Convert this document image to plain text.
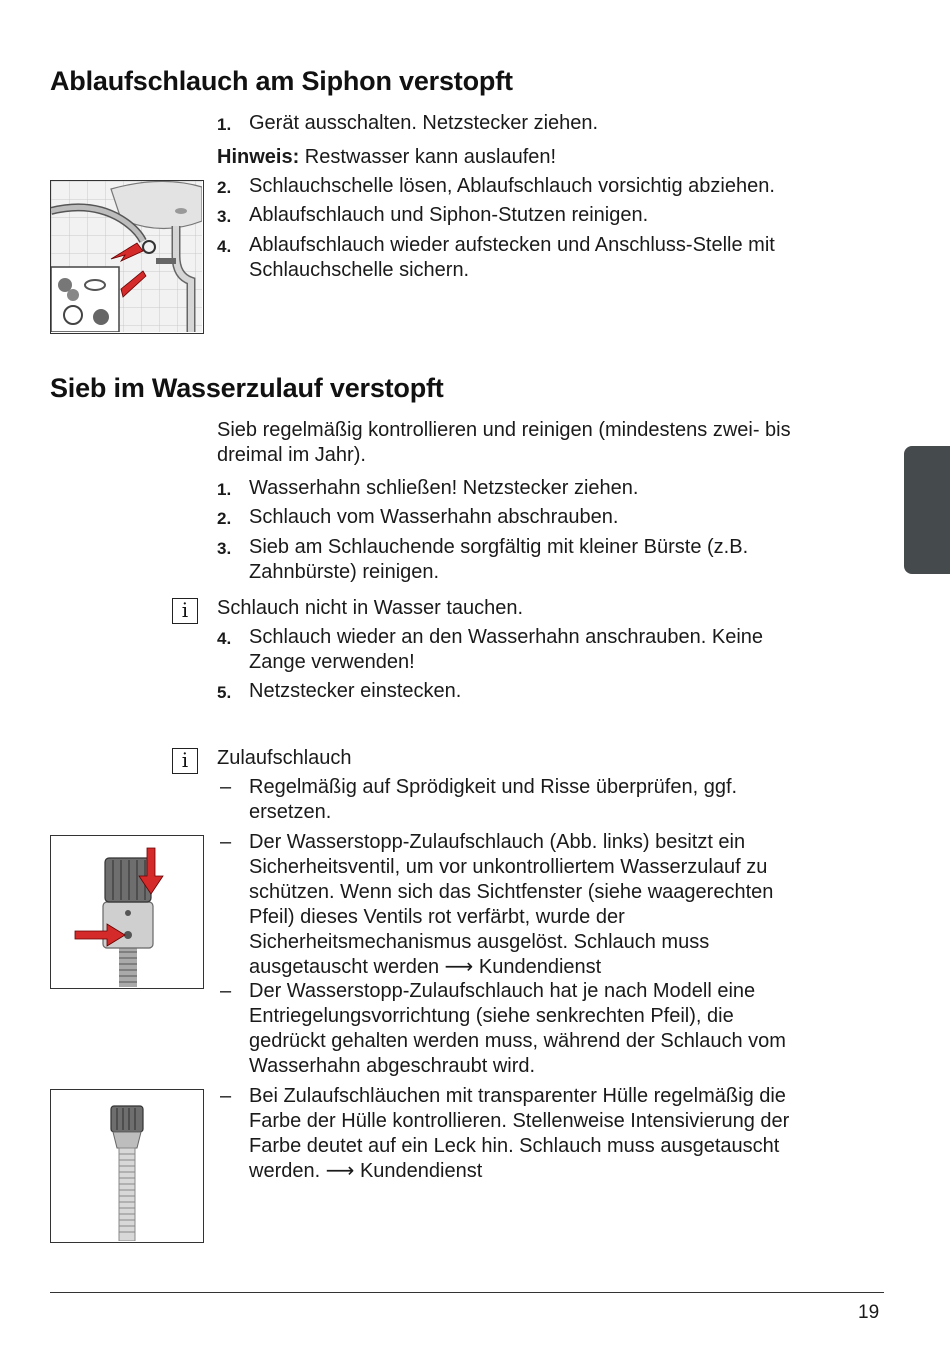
Ablaufschlauch am Siphon verstopft
1. Gerät ausschalten. Netzstecker ziehen.
Hinweis: Restwasser kann auslaufen!
2. Schlauchschelle lösen, Ablaufschlauch vorsichtig abziehen.
3. Ablaufschlauch und Siphon-Stutzen reinigen.
4. Ablaufschlauch wieder aufstecken und Anschluss-Stelle mit
Schlauchschelle sichern.
Sieb im Wasserzulauf verstopft
Sieb regelmäßig kontrollieren und reinigen (mindestens zwei- bis
dreimal im Jahr).
1. Wasserhahn schließen! Netzstecker ziehen.
2. Schlauch vom Wasserhahn abschrauben.
3. Sieb am Schlauchende sorgfältig mit kleiner Bürste (z.B.
Zahnbürste) reinigen.
i	Schlauch nicht in Wasser tauchen.
4. Schlauch wieder an den Wasserhahn anschrauben. Keine
Zange verwenden!
5. Netzstecker einstecken.
i	Zulaufschlauch
– Regelmäßig auf Sprödigkeit und Risse überprüfen, ggf.
ersetzen.
– Der Wasserstopp-Zulaufschlauch (Abb. links) besitzt ein
Sicherheitsventil, um vor unkontrolliertem Wasserzulauf zu
schützen. Wenn sich das Sichtfenster (siehe waagerechten
Pfeil) dieses Ventils rot verfärbt, wurde der
Sicherheitsmechanismus ausgelöst. Schlauch muss
ausgetauscht werden ⟶ Kundendienst
– Der Wasserstopp-Zulaufschlauch hat je nach Modell eine
Entriegelungsvorrichtung (siehe senkrechten Pfeil), die
gedrückt gehalten werden muss, während der Schlauch vom
Wasserhahn abgeschraubt wird.
– Bei Zulaufschläuchen mit transparenter Hülle regelmäßig die
Farbe der Hülle kontrollieren. Stellenweise Intensivierung der
Farbe deutet auf ein Leck hin. Schlauch muss ausgetauscht
werden. ⟶ Kundendienst
19
